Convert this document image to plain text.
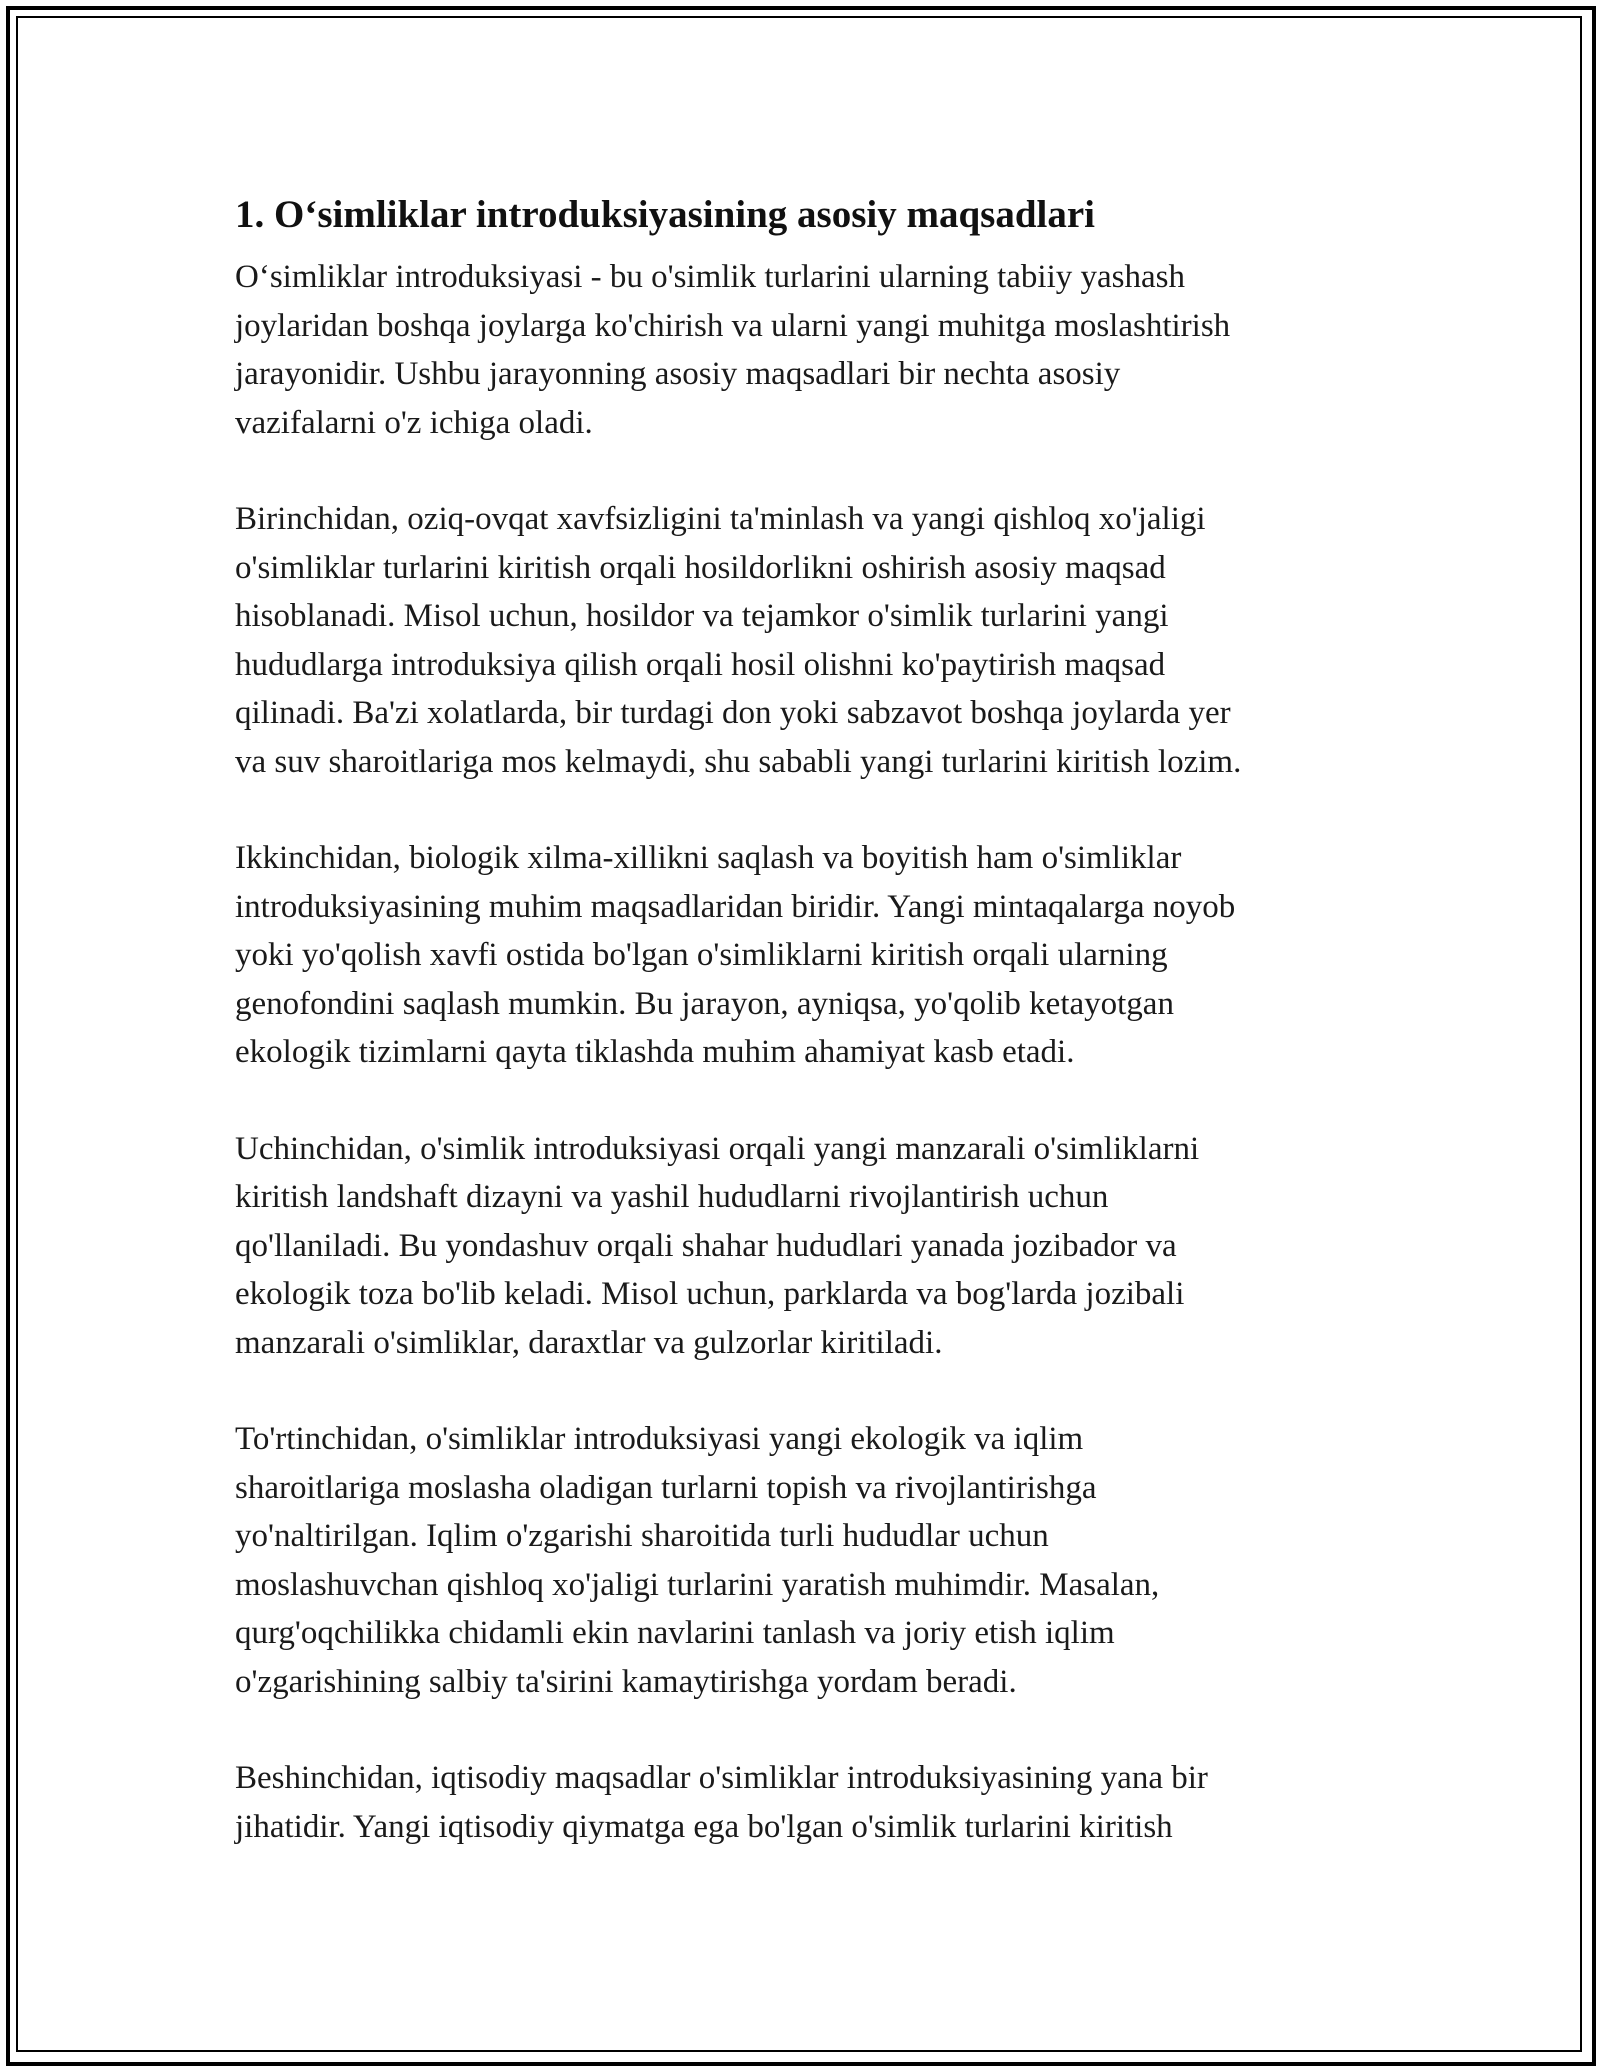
1. O‘simliklar introduksiyasining asosiy maqsadlari

O‘simliklar introduksiyasi - bu o'simlik turlarini ularning tabiiy yashash
joylaridan boshqa joylarga ko'chirish va ularni yangi muhitga moslashtirish
jarayonidir. Ushbu jarayonning asosiy maqsadlari bir nechta asosiy
vazifalarni o'z ichiga oladi.

Birinchidan, oziq-ovqat xavfsizligini ta'minlash va yangi qishloq xo'jaligi
o'simliklar turlarini kiritish orqali hosildorlikni oshirish asosiy maqsad
hisoblanadi. Misol uchun, hosildor va tejamkor o'simlik turlarini yangi
hududlarga introduksiya qilish orqali hosil olishni ko'paytirish maqsad
qilinadi. Ba'zi xolatlarda, bir turdagi don yoki sabzavot boshqa joylarda yer
va suv sharoitlariga mos kelmaydi, shu sababli yangi turlarini kiritish lozim.

Ikkinchidan, biologik xilma-xillikni saqlash va boyitish ham o'simliklar
introduksiyasining muhim maqsadlaridan biridir. Yangi mintaqalarga noyob
yoki yo'qolish xavfi ostida bo'lgan o'simliklarni kiritish orqali ularning
genofondini saqlash mumkin. Bu jarayon, ayniqsa, yo'qolib ketayotgan
ekologik tizimlarni qayta tiklashda muhim ahamiyat kasb etadi.

Uchinchidan, o'simlik introduksiyasi orqali yangi manzarali o'simliklarni
kiritish landshaft dizayni va yashil hududlarni rivojlantirish uchun
qo'llaniladi. Bu yondashuv orqali shahar hududlari yanada jozibador va
ekologik toza bo'lib keladi. Misol uchun, parklarda va bog'larda jozibali
manzarali o'simliklar, daraxtlar va gulzorlar kiritiladi.

To'rtinchidan, o'simliklar introduksiyasi yangi ekologik va iqlim
sharoitlariga moslasha oladigan turlarni topish va rivojlantirishga
yo'naltirilgan. Iqlim o'zgarishi sharoitida turli hududlar uchun
moslashuvchan qishloq xo'jaligi turlarini yaratish muhimdir. Masalan,
qurg'oqchilikka chidamli ekin navlarini tanlash va joriy etish iqlim
o'zgarishining salbiy ta'sirini kamaytirishga yordam beradi.

Beshinchidan, iqtisodiy maqsadlar o'simliklar introduksiyasining yana bir
jihatidir. Yangi iqtisodiy qiymatga ega bo'lgan o'simlik turlarini kiritish
